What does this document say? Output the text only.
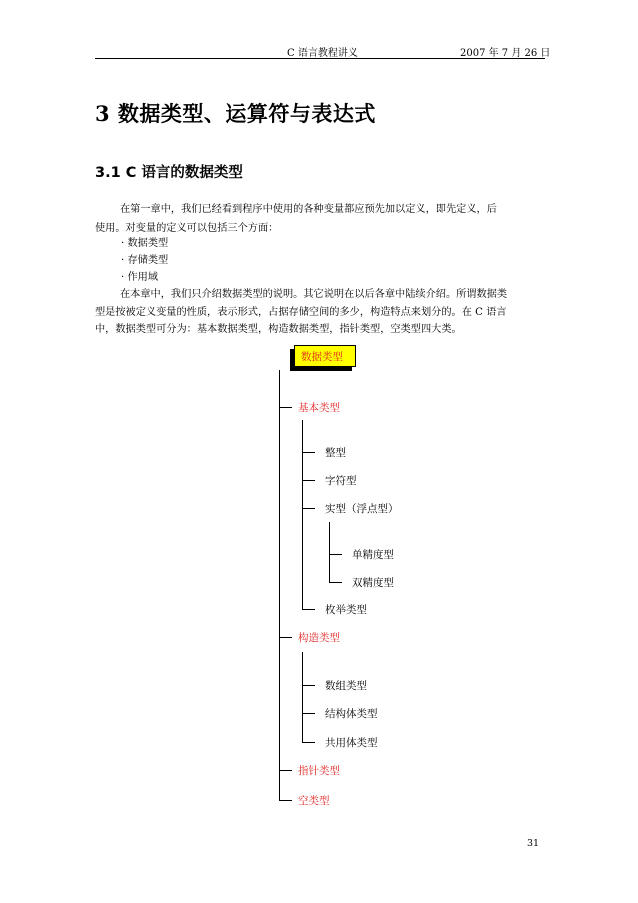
C 语言教程讲义	2007 年 7 月 26 日
3 数据类型、运算符与表达式
3.1 C 语言的数据类型
在第一章中，我们已经看到程序中使用的各种变量都应预先加以定义，即先定义，后
使用。对变量的定义可以包括三个方面：
· 数据类型
· 存储类型
· 作用域
在本章中，我们只介绍数据类型的说明。其它说明在以后各章中陆续介绍。所谓数据类
型是按被定义变量的性质，表示形式，占据存储空间的多少，构造特点来划分的。在 C 语言
中，数据类型可分为：基本数据类型，构造数据类型，指针类型，空类型四大类。
数据类型
基本类型
整型
字符型
实型（浮点型）
单精度型
双精度型
枚举类型
构造类型
数组类型
结构体类型
共用体类型
指针类型
空类型
31
